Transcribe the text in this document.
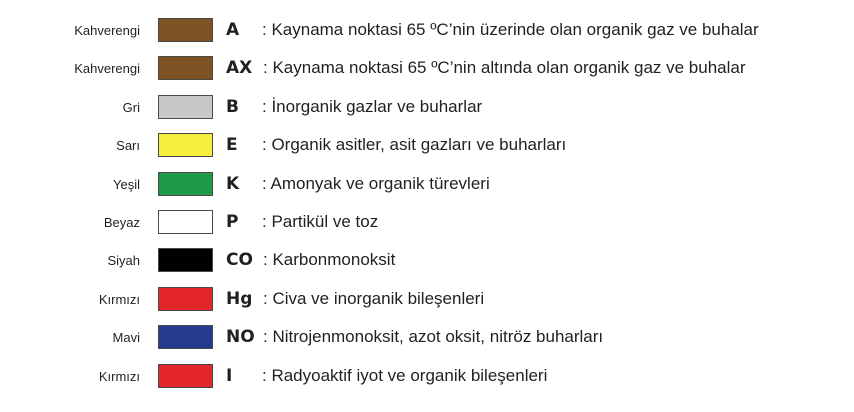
Kahverengi	A : Kaynama noktasi 65 ºC’nin üzerinde olan organik gaz ve buhalar
Kahverengi	AX : Kaynama noktasi 65 ºC’nin altında olan organik gaz ve buhalar
Gri	B : İnorganik gazlar ve buharlar
Sarı	E : Organik asitler, asit gazları ve buharları
Yeşil	K : Amonyak ve organik türevleri
Beyaz	P : Partikül ve toz
Siyah	CO : Karbonmonoksit
Kırmızı	Hg : Civa ve inorganik bileşenleri
Mavi	NO : Nitrojenmonoksit, azot oksit, nitröz buharları
Kırmızı	I : Radyoaktif iyot ve organik bileşenleri
